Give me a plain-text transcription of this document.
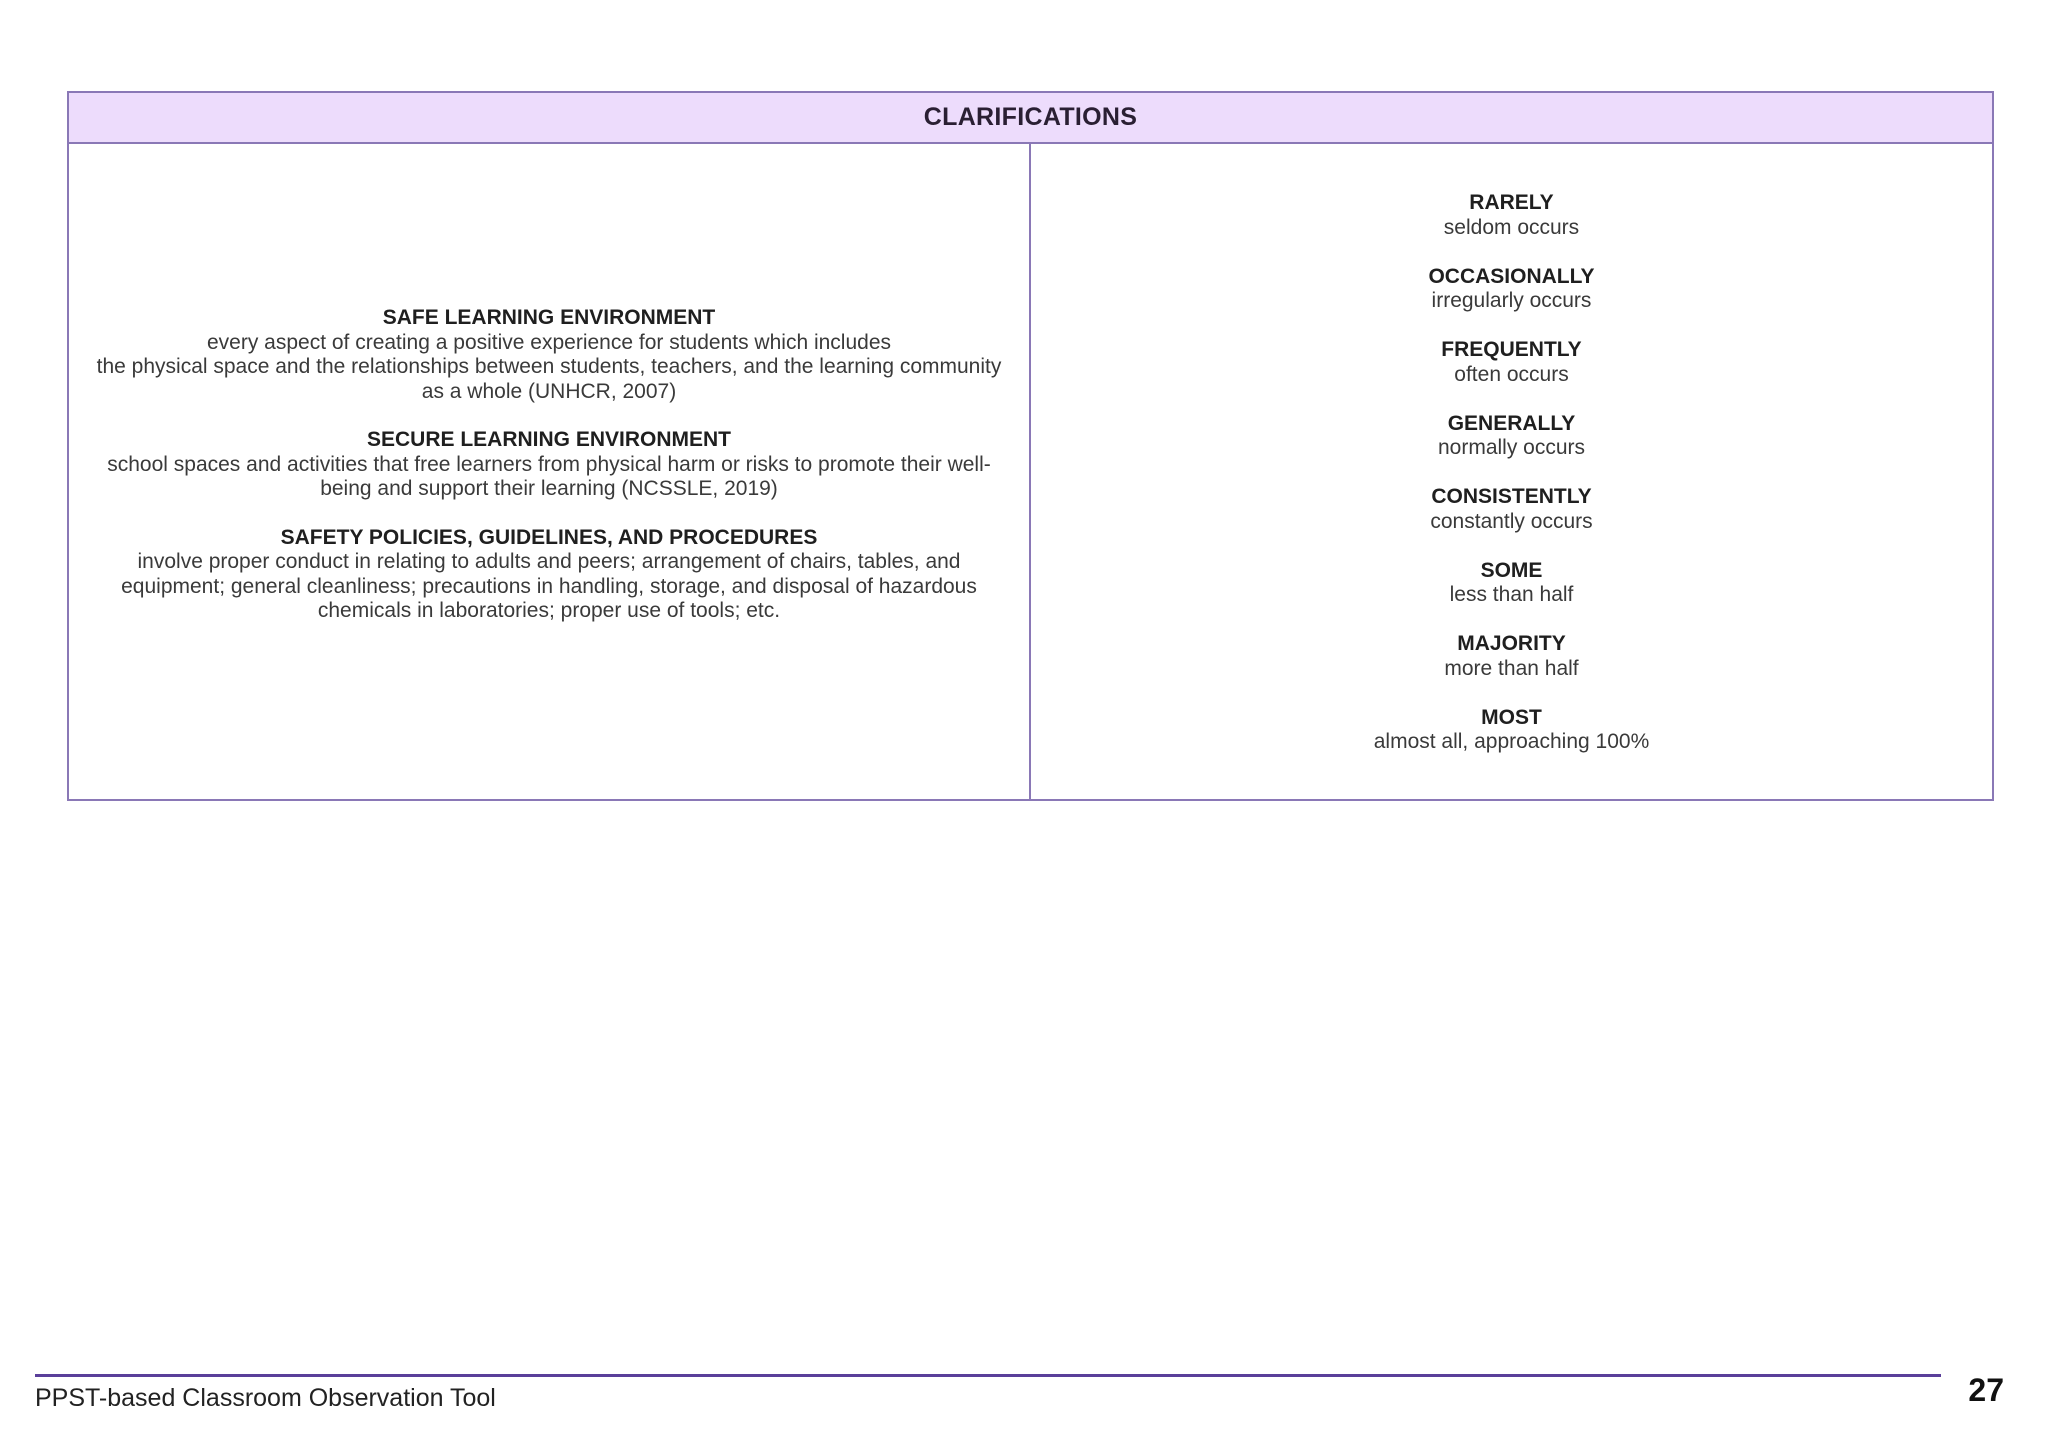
CLARIFICATIONS
SAFE LEARNING ENVIRONMENT
every aspect of creating a positive experience for students which includes
the physical space and the relationships between students, teachers, and the learning community
as a whole (UNHCR, 2007)
SECURE LEARNING ENVIRONMENT
school spaces and activities that free learners from physical harm or risks to promote their well-
being and support their learning (NCSSLE, 2019)
SAFETY POLICIES, GUIDELINES, AND PROCEDURES
involve proper conduct in relating to adults and peers; arrangement of chairs, tables, and
equipment; general cleanliness; precautions in handling, storage, and disposal of hazardous
chemicals in laboratories; proper use of tools; etc.
RARELY
seldom occurs
OCCASIONALLY
irregularly occurs
FREQUENTLY
often occurs
GENERALLY
normally occurs
CONSISTENTLY
constantly occurs
SOME
less than half
MAJORITY
more than half
MOST
almost all, approaching 100%
PPST-based Classroom Observation Tool	27
